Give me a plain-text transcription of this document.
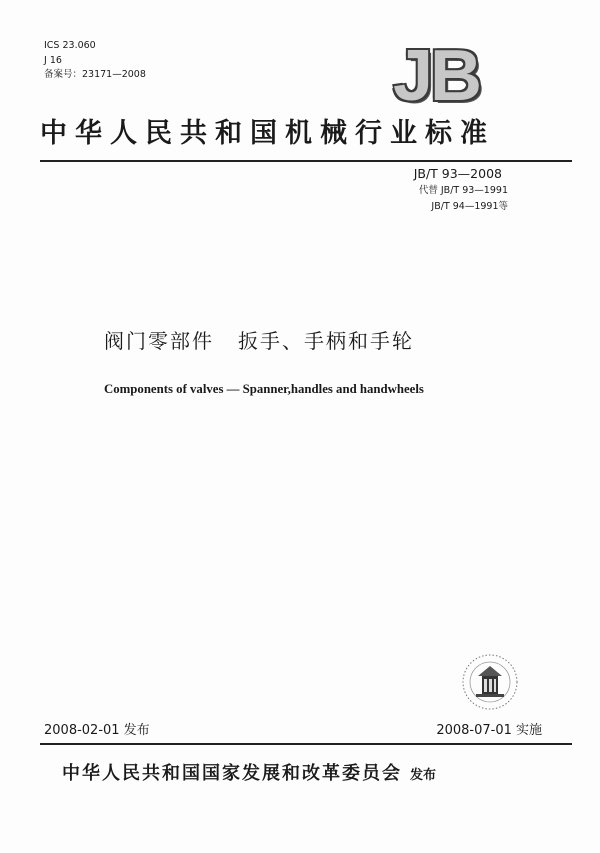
ICS 23.060
J 16
备案号：23171—2008	JB
中华人民共和国机械行业标准
JB/T 93—2008
代替 JB/T 93—1991
JB/T 94—1991等
阀门零部件 扳手、手柄和手轮
Components of valves — Spanner,handles and handwheels
2008-02-01 发布	2008-07-01 实施
中华人民共和国国家发展和改革委员会 发布
